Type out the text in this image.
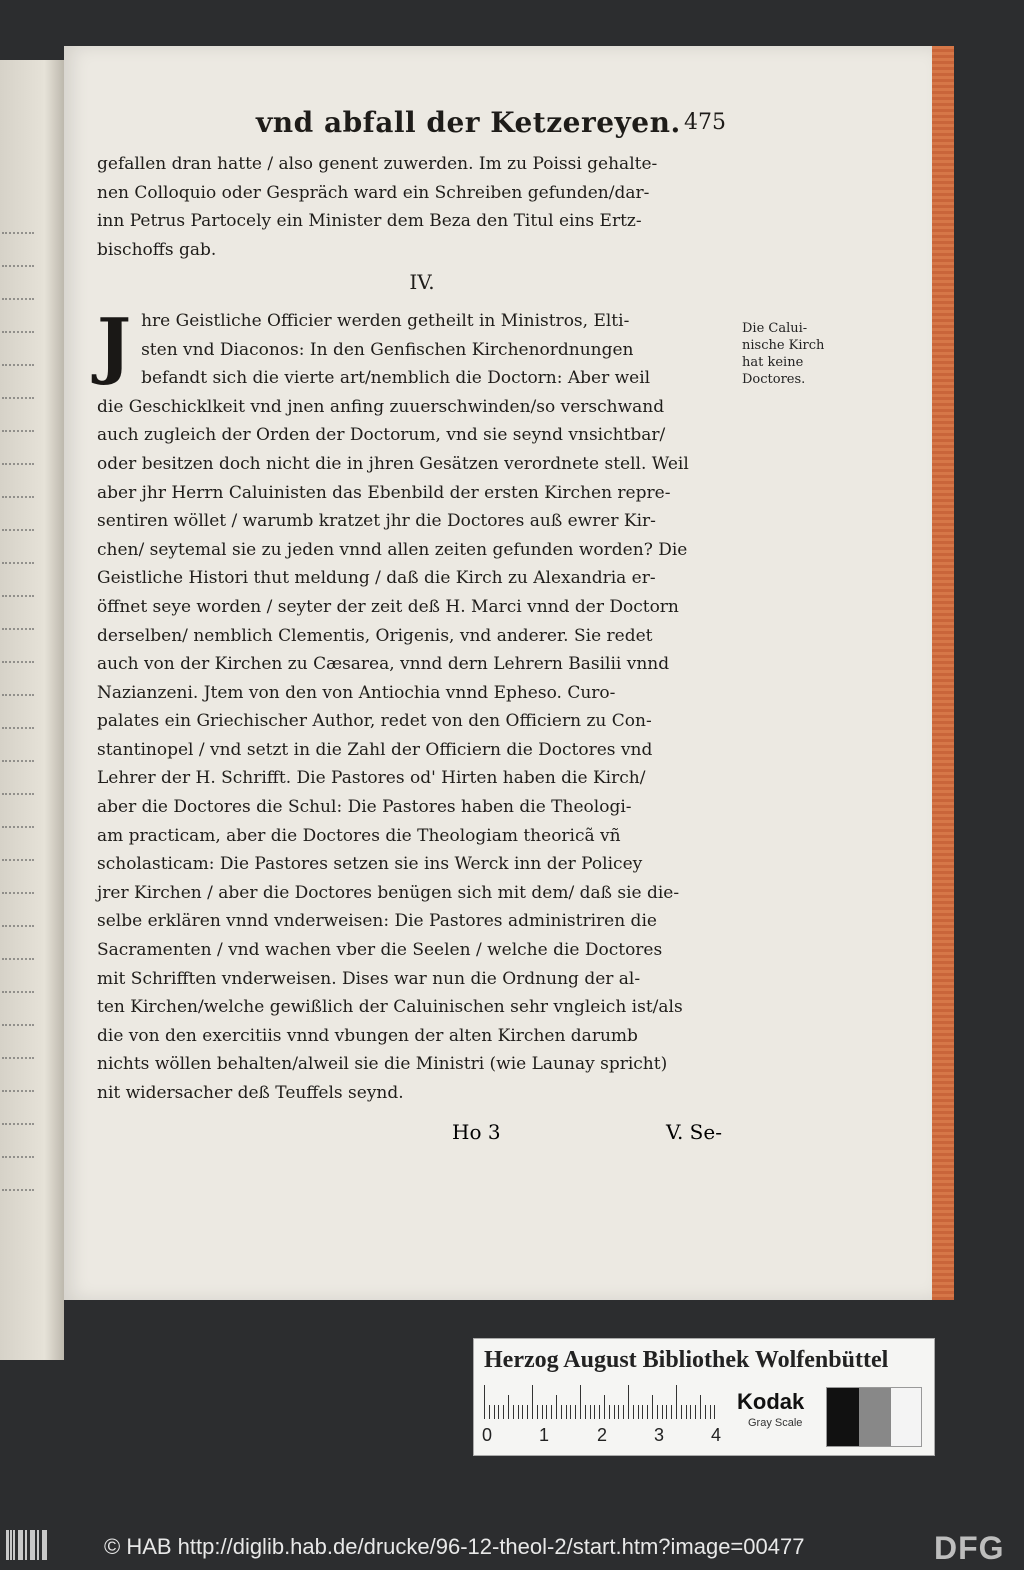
vnd abfall der Ketzereyen. 475

gefallen dran hatte / also genent zuwerden. Im zu Poissi gehalte-

nen Colloquio oder Gespräch ward ein Schreiben gefunden/dar-

inn Petrus Partocely ein Minister dem Beza den Titul eins Ertz-

bischoffs gab.

IV.
J hre Geistliche Officier werden getheilt in Ministros, Elti-

sten vnd Diaconos: In den Genfischen Kirchenordnungen

befandt sich die vierte art/nemblich die Doctorn: Aber weil

die Geschicklkeit vnd jnen anfing zuuerschwinden/so verschwand

auch zugleich der Orden der Doctorum, vnd sie seynd vnsichtbar/

oder besitzen doch nicht die in jhren Gesätzen verordnete stell. Weil

aber jhr Herrn Caluinisten das Ebenbild der ersten Kirchen repre-

sentiren wöllet / warumb kratzet jhr die Doctores auß ewrer Kir-

chen/ seytemal sie zu jeden vnnd allen zeiten gefunden worden? Die

Geistliche Histori thut meldung / daß die Kirch zu Alexandria er-

öffnet seye worden / seyter der zeit deß H. Marci vnnd der Doctorn

derselben/ nemblich Clementis, Origenis, vnd anderer. Sie redet

auch von der Kirchen zu Cæsarea, vnnd dern Lehrern Basilii vnnd

Nazianzeni. Jtem von den von Antiochia vnnd Epheso. Curo-

palates ein Griechischer Author, redet von den Officiern zu Con-

stantinopel / vnd setzt in die Zahl der Officiern die Doctores vnd

Lehrer der H. Schrifft. Die Pastores od' Hirten haben die Kirch/

aber die Doctores die Schul: Die Pastores haben die Theologi-

am practicam, aber die Doctores die Theologiam theoricã vñ

scholasticam: Die Pastores setzen sie ins Werck inn der Policey

jrer Kirchen / aber die Doctores benügen sich mit dem/ daß sie die-

selbe erklären vnnd vnderweisen: Die Pastores administriren die

Sacramenten / vnd wachen vber die Seelen / welche die Doctores

mit Schrifften vnderweisen. Dises war nun die Ordnung der al-

ten Kirchen/welche gewißlich der Caluinischen sehr vngleich ist/als

die von den exercitiis vnnd vbungen der alten Kirchen darumb

nichts wöllen behalten/alweil sie die Ministri (wie Launay spricht)

nit widersacher deß Teuffels seynd.

Die Calui-
nische Kirch
hat keine
Doctores.
Ho 3	V. Se-
Herzog August Bibliothek Wolfenbüttel
0	1	2	3	4
Kodak
Gray Scale
© HAB http://diglib.hab.de/drucke/96-12-theol-2/start.htm?image=00477	DFG
